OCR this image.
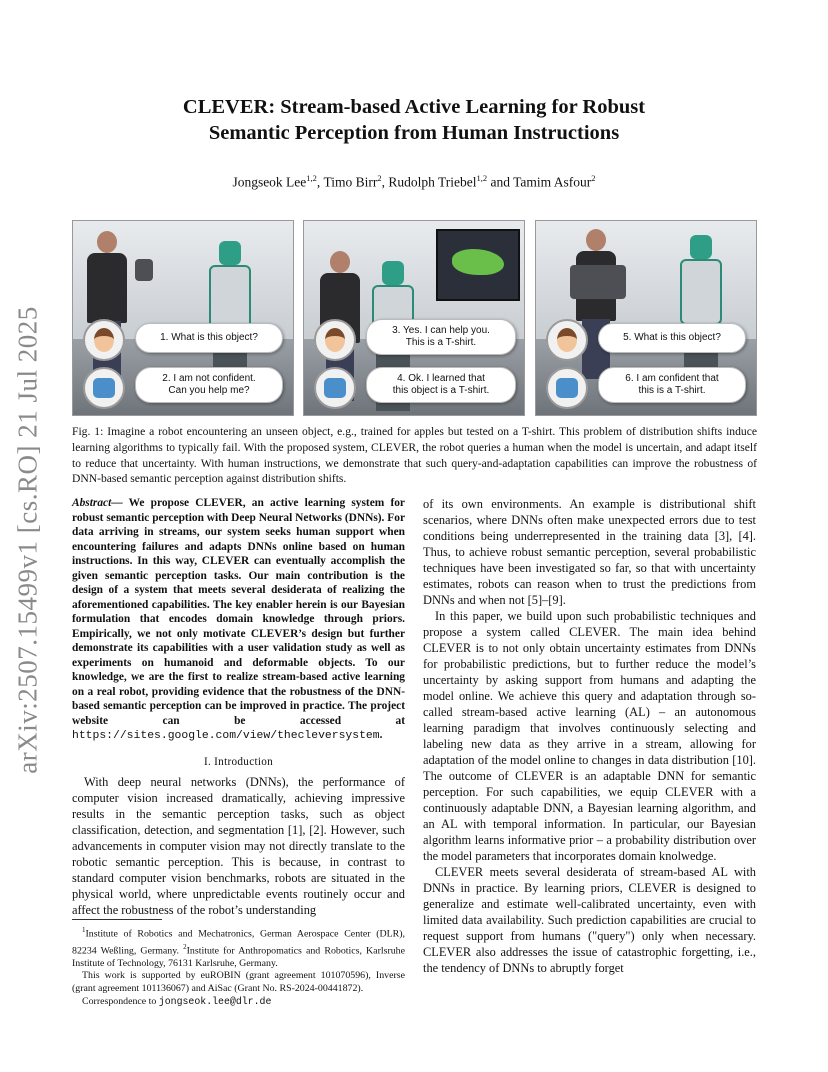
arXiv:2507.15499v1 [cs.RO] 21 Jul 2025
CLEVER: Stream-based Active Learning for Robust
Semantic Perception from Human Instructions
Jongseok Lee$^{1,2}$, Timo Birr$^2$, Rudolph Triebel$^{1,2}$ and Tamim Asfour$^2$
1. What is this object?
2. I am not confident.
Can you help me?
3. Yes. I can help you.
This is a T-shirt.
4. Ok. I learned that
this object is a T-shirt.
5. What is this object?
6. I am confident that
this is a T-shirt.
Fig. 1: Imagine a robot encountering an unseen object, e.g., trained for apples but tested on a T-shirt. This problem of distribution shifts induce learning algorithms to typically fail. With the proposed system, CLEVER, the robot queries a human when the model is uncertain, and adapt itself to reduce that uncertainty. With human instructions, we demonstrate that such query-and-adaptation capabilities can improve the robustness of DNN-based semantic perception against distribution shifts.

Abstract— We propose CLEVER, an active learning system for robust semantic perception with Deep Neural Networks (DNNs). For data arriving in streams, our system seeks human support when encountering failures and adapts DNNs online based on human instructions. In this way, CLEVER can eventually accomplish the given semantic perception tasks. Our main contribution is the design of a system that meets several desiderata of realizing the aforementioned capabilities. The key enabler herein is our Bayesian formulation that encodes domain knowledge through priors. Empirically, we not only motivate CLEVER’s design but further demonstrate its capabilities with a user validation study as well as experiments on humanoid and deformable objects. To our knowledge, we are the first to realize stream-based active learning on a real robot, providing evidence that the robustness of the DNN-based semantic perception can be improved in practice. The project website can be accessed at https://sites.google.com/view/thecleversystem.

I. Introduction

With deep neural networks (DNNs), the performance of computer vision increased dramatically, achieving impressive results in the semantic perception tasks, such as object classification, detection, and segmentation [1], [2]. However, such advancements in computer vision may not directly translate to the robotic semantic perception. This is because, in contrast to standard computer vision benchmarks, robots are situated in the physical world, where unpredictable events routinely occur and affect the robustness of the robot’s understanding

$^1$Institute of Robotics and Mechatronics, German Aerospace Center (DLR), 82234 Weßling, Germany. $^2$Institute for Anthropomatics and Robotics, Karlsruhe Institute of Technology, 76131 Karlsruhe, Germany.

This work is supported by euROBIN (grant agreement 101070596), Inverse (grant agreement 101136067) and AiSac (Grant No. RS-2024-00441872).

Correspondence to jongseok.lee@dlr.de

of its own environments. An example is distributional shift scenarios, where DNNs often make unexpected errors due to test conditions being underrepresented in the training data [3], [4]. Thus, to achieve robust semantic perception, several probabilistic techniques have been investigated so far, so that with uncertainty estimates, robots can reason when to trust the predictions from DNNs and when not [5]–[9].

In this paper, we build upon such probabilistic techniques and propose a system called CLEVER. The main idea behind CLEVER is to not only obtain uncertainty estimates from DNNs for probabilistic predictions, but to further reduce the model’s uncertainty by asking support from humans and adapting the model online. We achieve this query and adaptation through so-called stream-based active learning (AL) – an autonomous learning paradigm that involves continuously selecting and labeling new data as they arrive in a stream, allowing for adaptation of the model online to changes in data distribution [10]. The outcome of CLEVER is an adaptable DNN for semantic perception. For such capabilities, we equip CLEVER with a continuously adaptable DNN, a Bayesian learning algorithm, and an AL with temporal information. In particular, our Bayesian algorithm learns informative prior – a probability distribution over the model parameters that incorporates domain knolwedge.

CLEVER meets several desiderata of stream-based AL with DNNs in practice. By learning priors, CLEVER is designed to generalize and estimate well-calibrated uncertainty, even with limited data availability. Such prediction capabilities are crucial to request support from humans ("query") only when necessary. CLEVER also addresses the issue of catastrophic forgetting, i.e., the tendency of DNNs to abruptly forget
